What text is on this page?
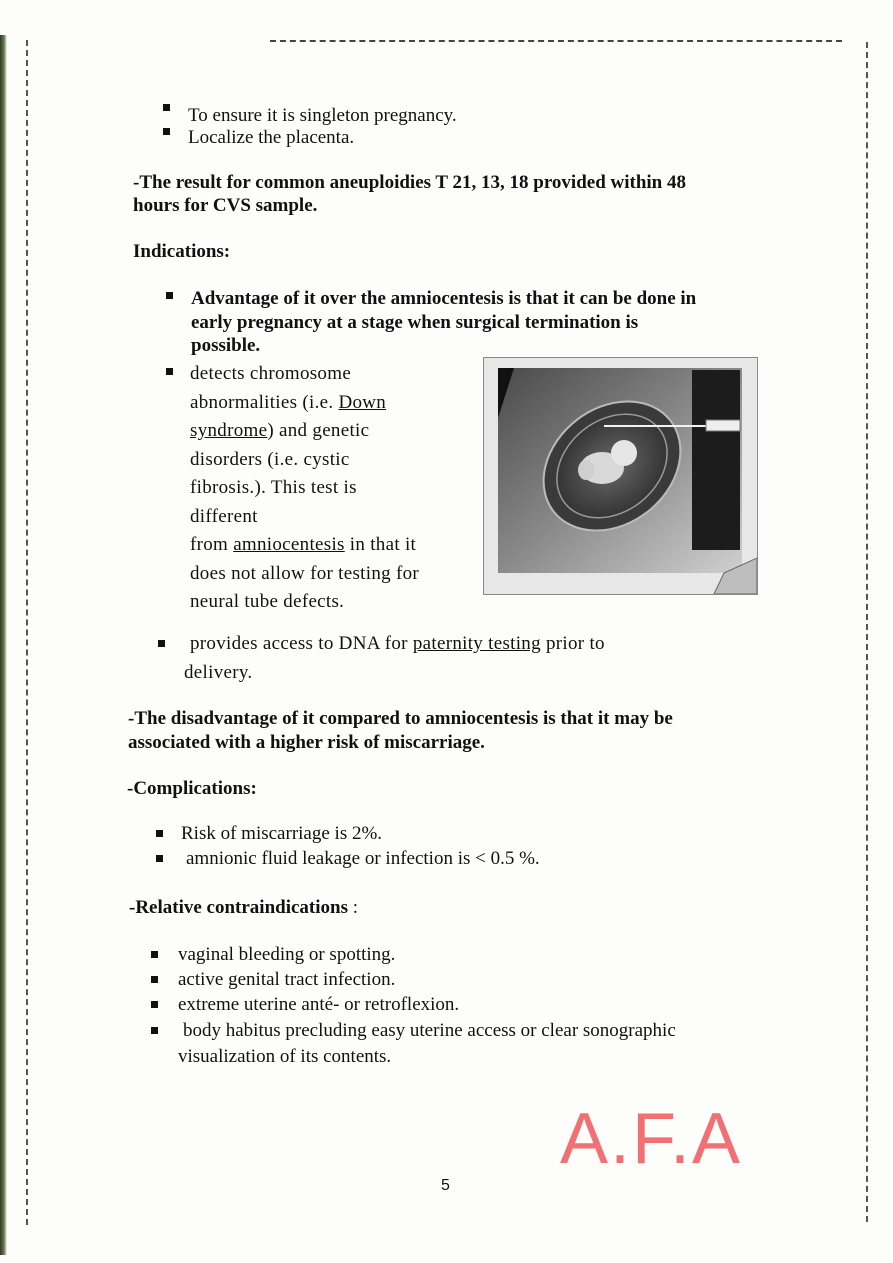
To ensure it is singleton pregnancy.
Localize the placenta.
-The result for common aneuploidies T 21, 13, 18 provided within 48
hours for CVS sample.
Indications:
Advantage of it over the amniocentesis is that it can be done in
early pregnancy at a stage when surgical termination is
possible.
detects chromosome
abnormalities (i.e. Down
syndrome) and genetic
disorders (i.e. cystic
fibrosis.). This test is
different
from amniocentesis in that it
does not allow for testing for
neural tube defects.
provides access to DNA for paternity testing prior to
delivery.
-The disadvantage of it compared to amniocentesis is that it may be
associated with a higher risk of miscarriage.
-Complications:
Risk of miscarriage is 2%.
amnionic fluid leakage or infection is < 0.5 %.
-Relative contraindications :
vaginal bleeding or spotting.
active genital tract infection.
extreme uterine anté- or retroflexion.
body habitus precluding easy uterine access or clear sonographic
visualization of its contents.
A.F.A
5
